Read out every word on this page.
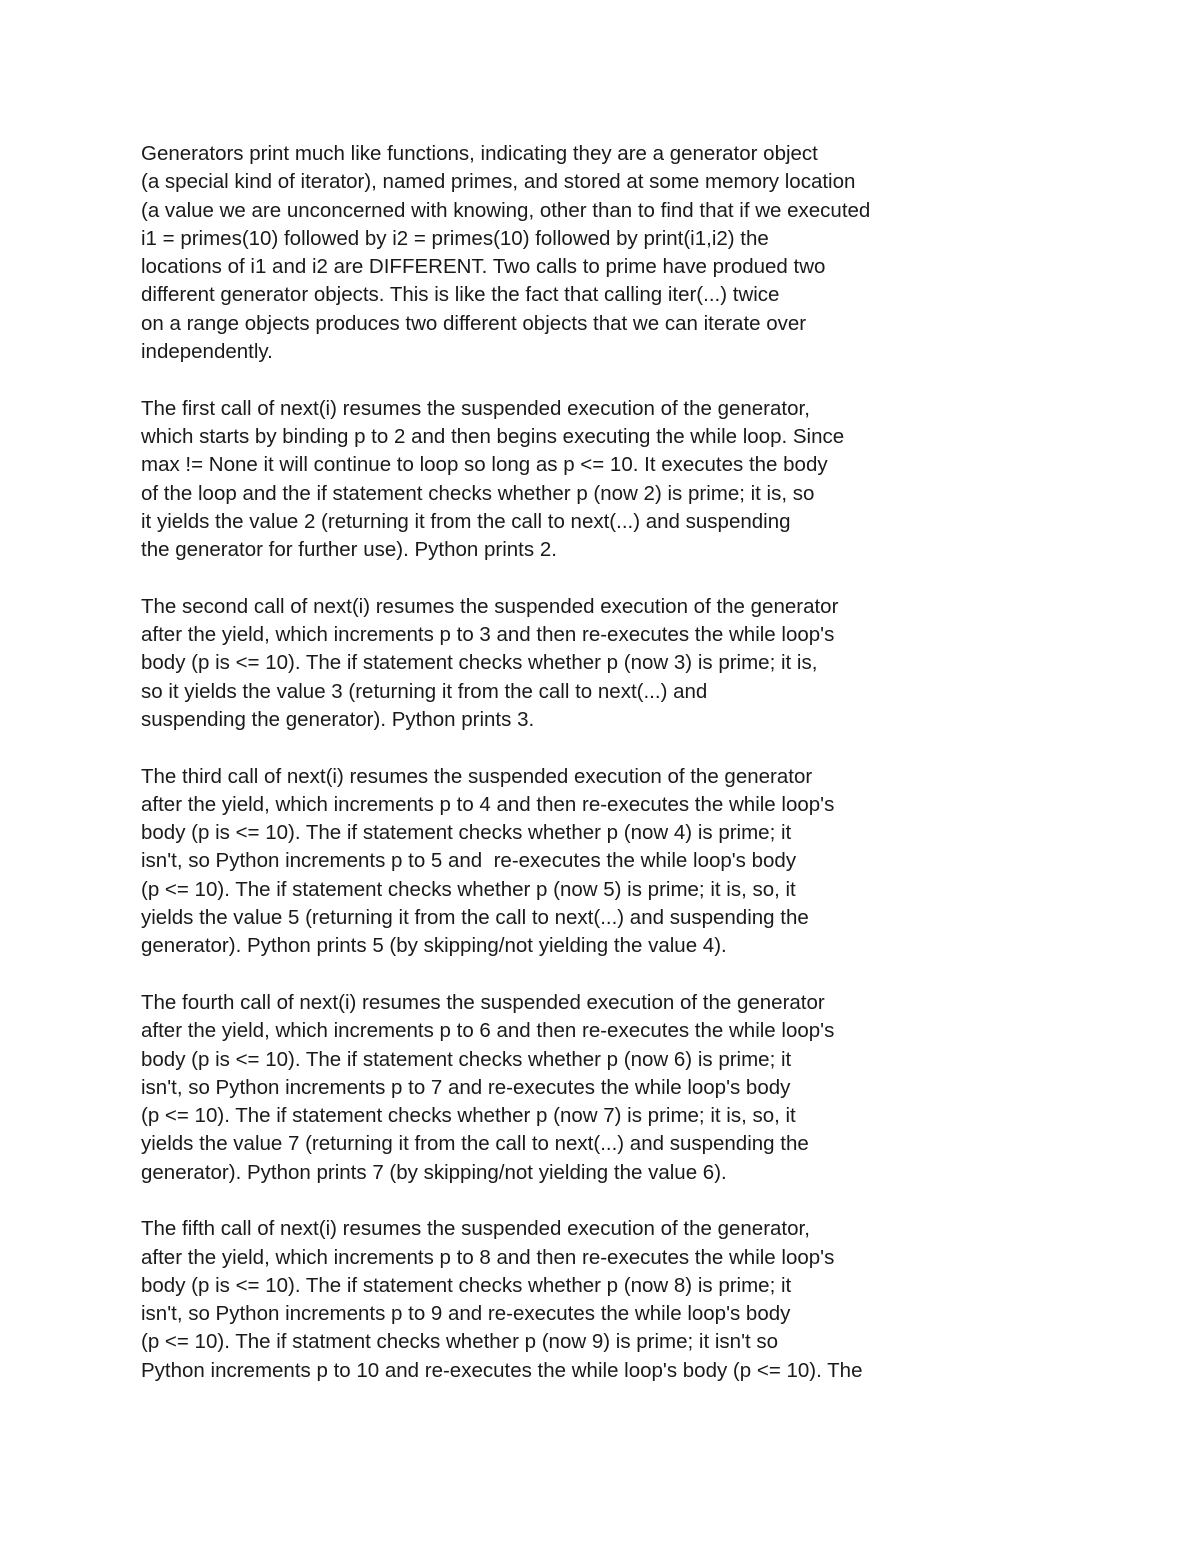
Generators print much like functions, indicating they are a generator object
(a special kind of iterator), named primes, and stored at some memory location
(a value we are unconcerned with knowing, other than to find that if we executed
i1 = primes(10) followed by i2 = primes(10) followed by print(i1,i2) the
locations of i1 and i2 are DIFFERENT. Two calls to prime have produed two
different generator objects. This is like the fact that calling iter(...) twice
on a range objects produces two different objects that we can iterate over
independently.
The first call of next(i) resumes the suspended execution of the generator,
which starts by binding p to 2 and then begins executing the while loop. Since
max != None it will continue to loop so long as p <= 10. It executes the body
of the loop and the if statement checks whether p (now 2) is prime; it is, so
it yields the value 2 (returning it from the call to next(...) and suspending
the generator for further use). Python prints 2.
The second call of next(i) resumes the suspended execution of the generator
after the yield, which increments p to 3 and then re-executes the while loop's
body (p is <= 10). The if statement checks whether p (now 3) is prime; it is,
so it yields the value 3 (returning it from the call to next(...) and
suspending the generator). Python prints 3.
The third call of next(i) resumes the suspended execution of the generator
after the yield, which increments p to 4 and then re-executes the while loop's
body (p is <= 10). The if statement checks whether p (now 4) is prime; it
isn't, so Python increments p to 5 and  re-executes the while loop's body
(p <= 10). The if statement checks whether p (now 5) is prime; it is, so, it
yields the value 5 (returning it from the call to next(...) and suspending the
generator). Python prints 5 (by skipping/not yielding the value 4).
The fourth call of next(i) resumes the suspended execution of the generator
after the yield, which increments p to 6 and then re-executes the while loop's
body (p is <= 10). The if statement checks whether p (now 6) is prime; it
isn't, so Python increments p to 7 and re-executes the while loop's body
(p <= 10). The if statement checks whether p (now 7) is prime; it is, so, it
yields the value 7 (returning it from the call to next(...) and suspending the
generator). Python prints 7 (by skipping/not yielding the value 6).
The fifth call of next(i) resumes the suspended execution of the generator,
after the yield, which increments p to 8 and then re-executes the while loop's
body (p is <= 10). The if statement checks whether p (now 8) is prime; it
isn't, so Python increments p to 9 and re-executes the while loop's body
(p <= 10). The if statment checks whether p (now 9) is prime; it isn't so
Python increments p to 10 and re-executes the while loop's body (p <= 10). The
